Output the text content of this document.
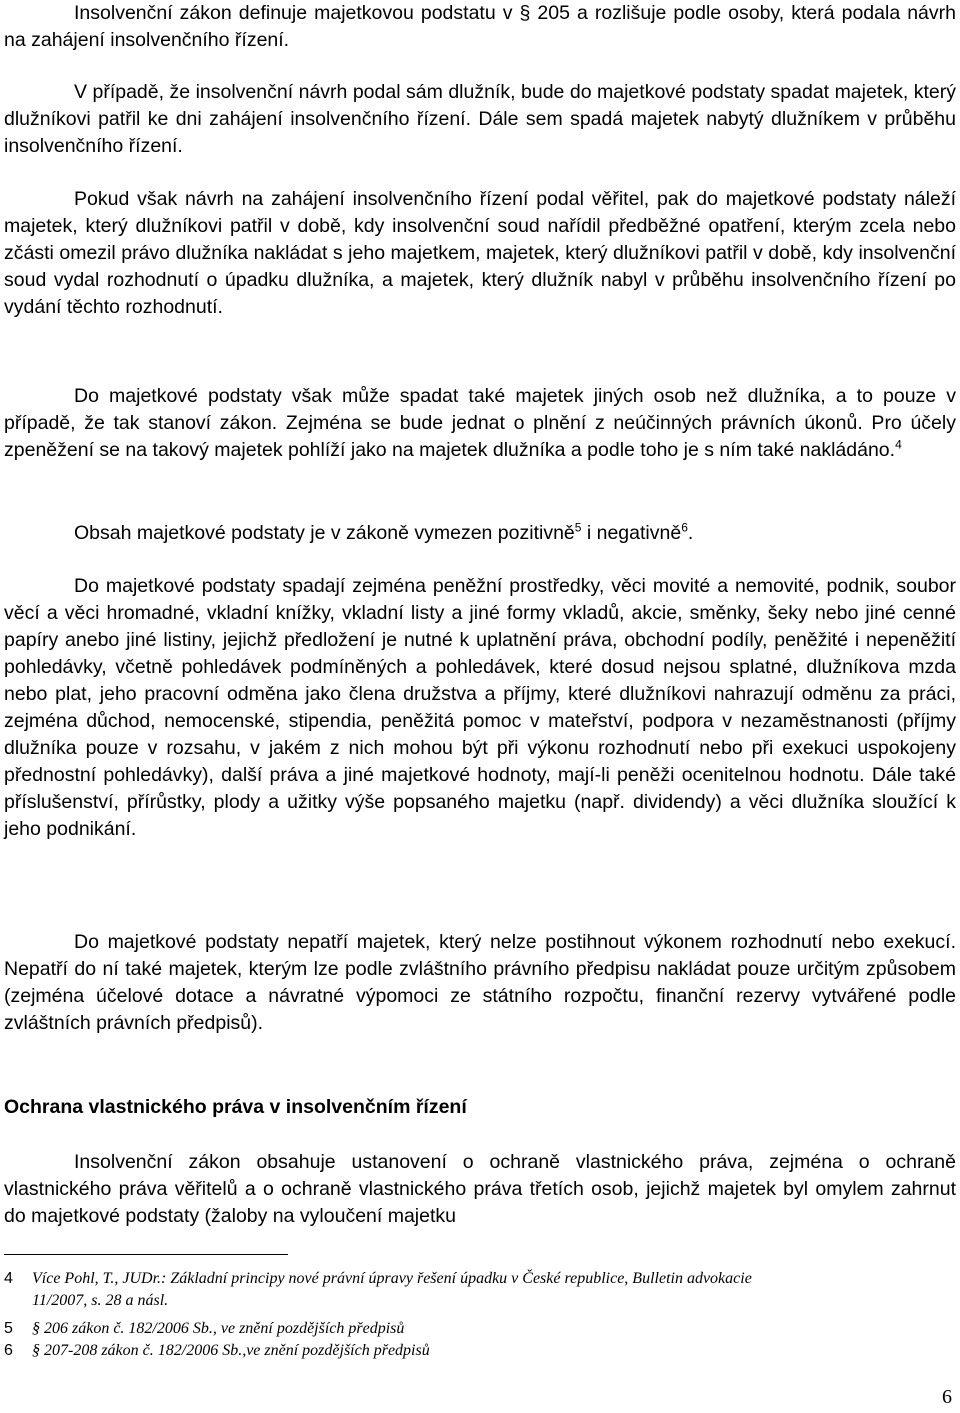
Insolvenční zákon definuje majetkovou podstatu v § 205 a rozlišuje podle osoby, která podala návrh na zahájení insolvenčního řízení.

V případě, že insolvenční návrh podal sám dlužník, bude do majetkové podstaty spadat majetek, který dlužníkovi patřil ke dni zahájení insolvenčního řízení. Dále sem spadá majetek nabytý dlužníkem v průběhu insolvenčního řízení.

Pokud však návrh na zahájení insolvenčního řízení podal věřitel, pak do majetkové podstaty náleží majetek, který dlužníkovi patřil v době, kdy insolvenční soud nařídil předběžné opatření, kterým zcela nebo zčásti omezil právo dlužníka nakládat s jeho majetkem, majetek, který dlužníkovi patřil v době, kdy insolvenční soud vydal rozhodnutí o úpadku dlužníka, a majetek, který dlužník nabyl v průběhu insolvenčního řízení po vydání těchto rozhodnutí.

Do majetkové podstaty však může spadat také majetek jiných osob než dlužníka, a to pouze v případě, že tak stanoví zákon. Zejména se bude jednat o plnění z neúčinných právních úkonů. Pro účely zpeněžení se na takový majetek pohlíží jako na majetek dlužníka a podle toho je s ním také nakládáno.$^4$

Obsah majetkové podstaty je v zákoně vymezen pozitivně$^5$ i negativně$^6$.

Do majetkové podstaty spadají zejména peněžní prostředky, věci movité a nemovité, podnik, soubor věcí a věci hromadné, vkladní knížky, vkladní listy a jiné formy vkladů, akcie, směnky, šeky nebo jiné cenné papíry anebo jiné listiny, jejichž předložení je nutné k uplatnění práva, obchodní podíly, peněžité i nepeněžití pohledávky, včetně pohledávek podmíněných a pohledávek, které dosud nejsou splatné, dlužníkova mzda nebo plat, jeho pracovní odměna jako člena družstva a příjmy, které dlužníkovi nahrazují odměnu za práci, zejména důchod, nemocenské, stipendia, peněžitá pomoc v mateřství, podpora v nezaměstnanosti (příjmy dlužníka pouze v rozsahu, v jakém z nich mohou být při výkonu rozhodnutí nebo při exekuci uspokojeny přednostní pohledávky), další práva a jiné majetkové hodnoty, mají-li peněži ocenitelnou hodnotu. Dále také příslušenství, přírůstky, plody a užitky výše popsaného majetku (např. dividendy) a věci dlužníka sloužící k jeho podnikání.

Do majetkové podstaty nepatří majetek, který nelze postihnout výkonem rozhodnutí nebo exekucí. Nepatří do ní také majetek, kterým lze podle zvláštního právního předpisu nakládat pouze určitým způsobem (zejména účelové dotace a návratné výpomoci ze státního rozpočtu, finanční rezervy vytvářené podle zvláštních právních předpisů).

Ochrana vlastnického práva v insolvenčním řízení

Insolvenční zákon obsahuje ustanovení o ochraně vlastnického práva, zejména o ochraně vlastnického práva věřitelů a o ochraně vlastnického práva třetích osob, jejichž majetek byl omylem zahrnut do majetkové podstaty (žaloby na vyloučení majetku

4 Více Pohl, T., JUDr.: Základní principy nové právní úpravy řešení úpadku v České republice, Bulletin advokacie
11/2007, s. 28 a násl.
5 § 206 zákon č. 182/2006 Sb., ve znění pozdějších předpisů
6 § 207-208 zákon č. 182/2006 Sb.,ve znění pozdějších předpisů
6
